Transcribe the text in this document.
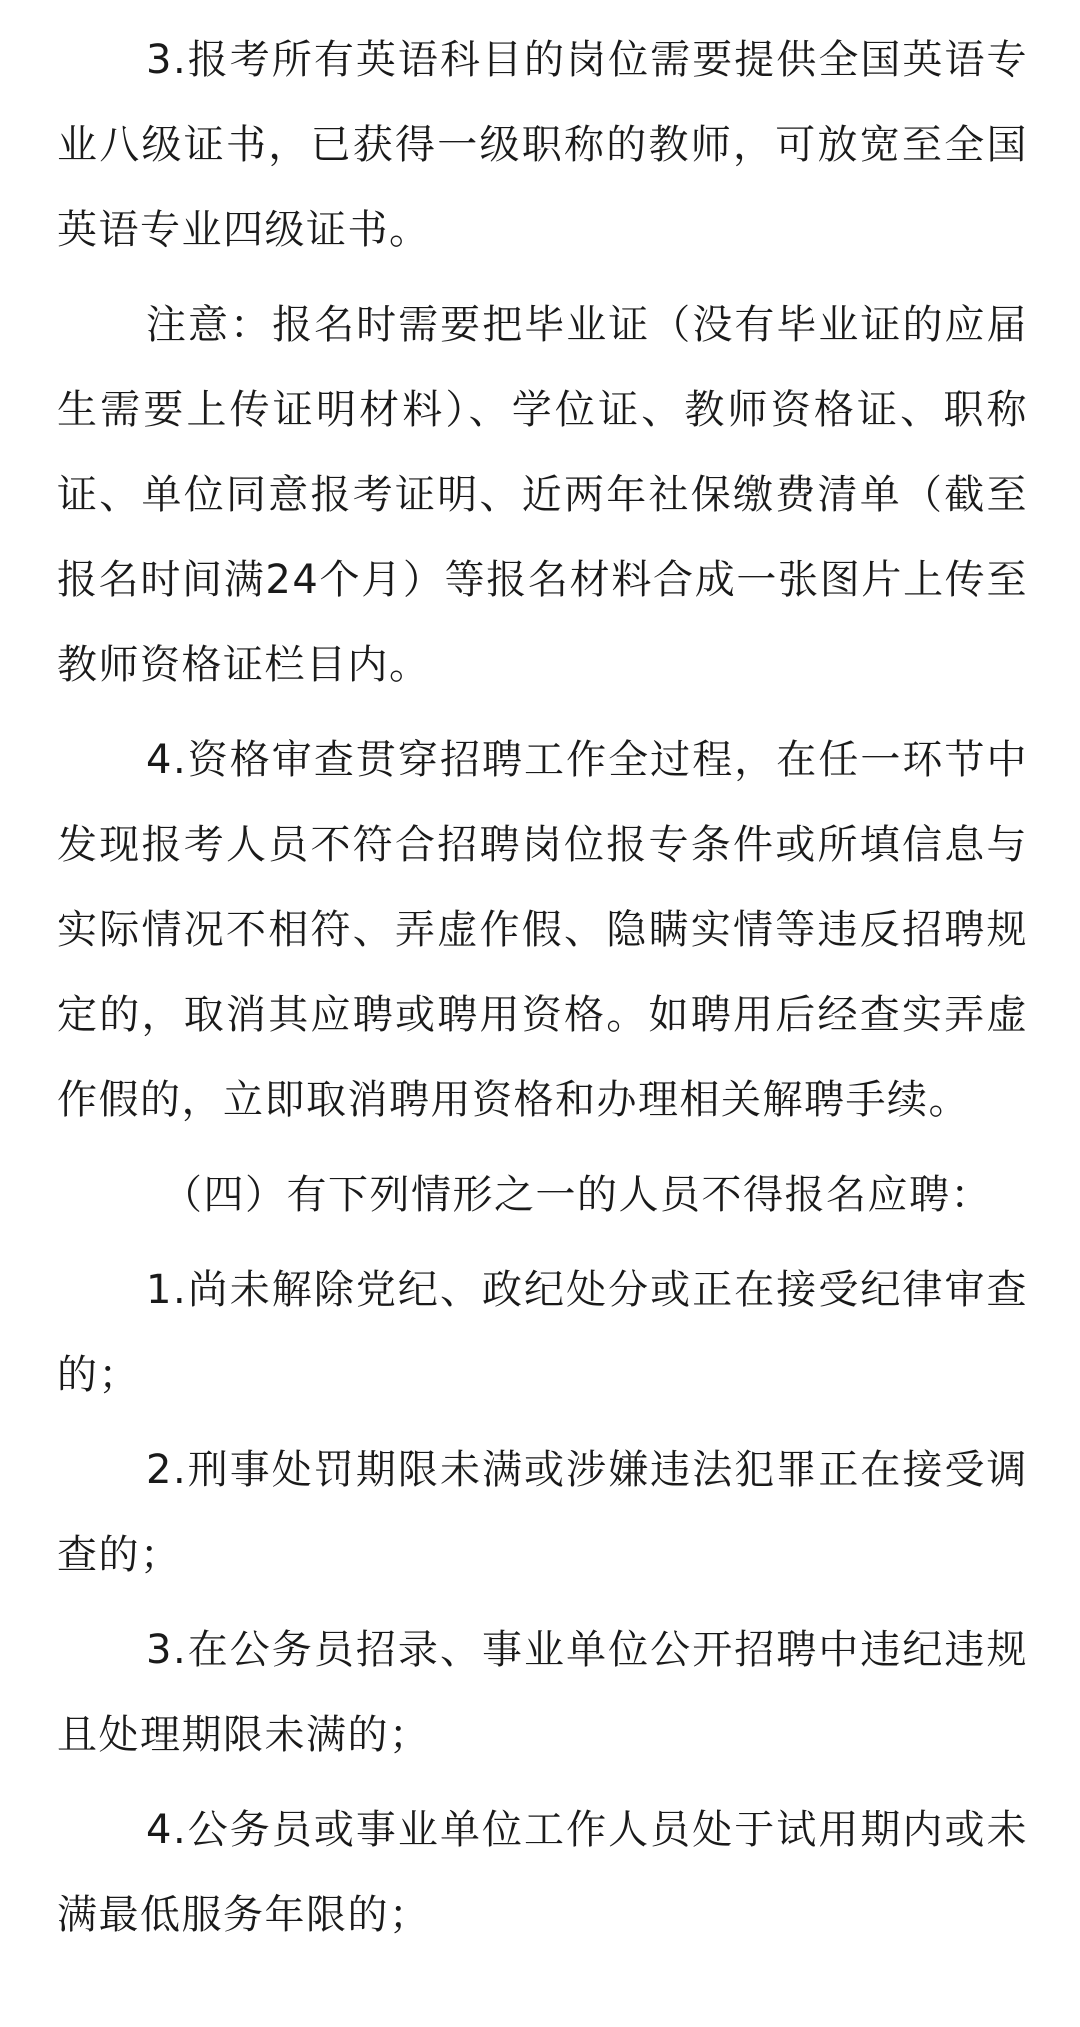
3.报考所有英语科目的岗位需要提供全国英语专业八级证书，已获得一级职称的教师，可放宽至全国英语专业四级证书。

注意：报名时需要把毕业证（没有毕业证的应届生需要上传证明材料）、学位证、教师资格证、职称证、单位同意报考证明、近两年社保缴费清单（截至报名时间满24个月）等报名材料合成一张图片上传至教师资格证栏目内。

4.资格审查贯穿招聘工作全过程，在任一环节中发现报考人员不符合招聘岗位报专条件或所填信息与实际情况不相符、弄虚作假、隐瞒实情等违反招聘规定的，取消其应聘或聘用资格。如聘用后经查实弄虚作假的，立即取消聘用资格和办理相关解聘手续。

（四）有下列情形之一的人员不得报名应聘：

1.尚未解除党纪、政纪处分或正在接受纪律审查的；

2.刑事处罚期限未满或涉嫌违法犯罪正在接受调查的；

3.在公务员招录、事业单位公开招聘中违纪违规且处理期限未满的；

4.公务员或事业单位工作人员处于试用期内或未满最低服务年限的；
